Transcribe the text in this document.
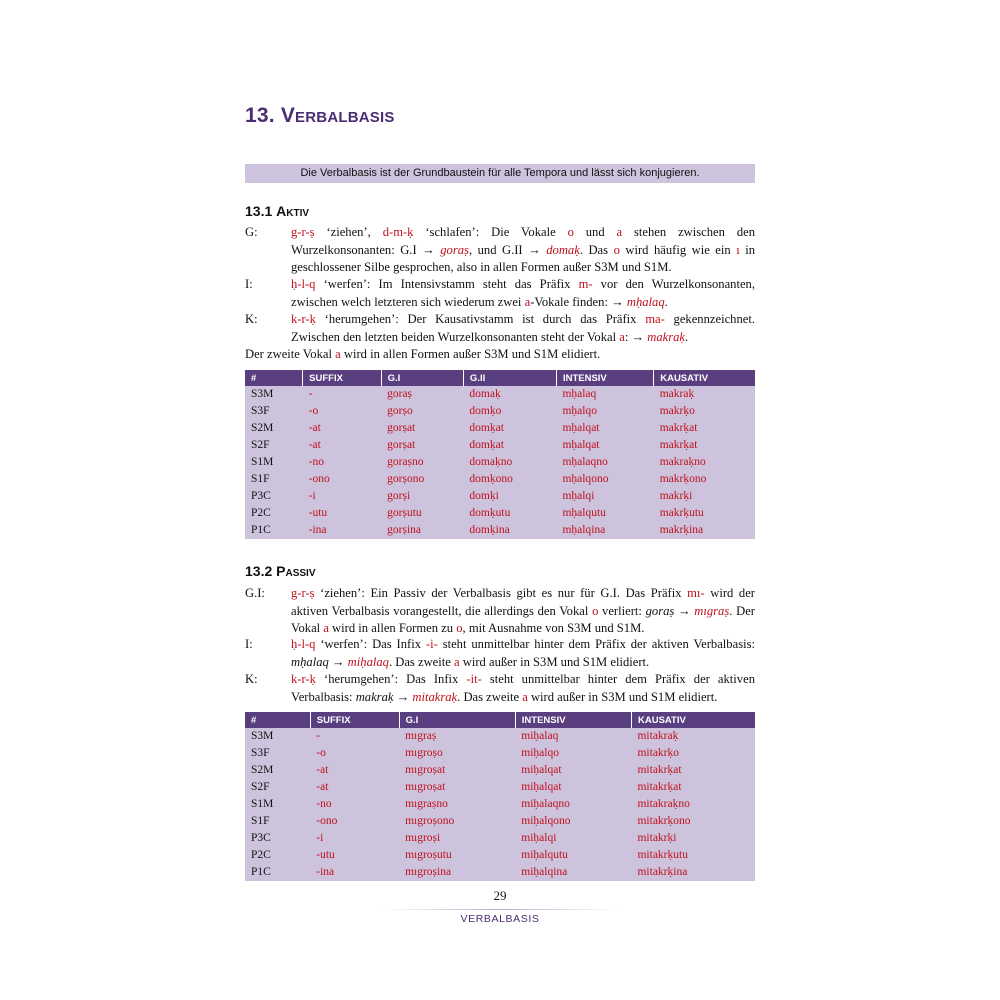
13. Verbalbasis
Die Verbalbasis ist der Grundbaustein für alle Tempora und lässt sich konjugieren.
13.1 Aktiv
G:	g-r-ṣ ‘ziehen’, d-m-ḳ ‘schlafen’: Die Vokale o und a stehen zwischen den Wurzelkonsonanten: G.I → goraṣ, und G.II → domaḳ. Das o wird häufig wie ein ı in geschlossener Silbe gesprochen, also in allen Formen außer S3M und S1M.
I:	ḥ-l-q ‘werfen’: Im Intensivstamm steht das Präfix m- vor den Wurzelkonsonanten, zwischen welch letzteren sich wiederum zwei a-Vokale finden: → mḥalaq.
K:	k-r-ḳ ‘herumgehen’: Der Kausativstamm ist durch das Präfix ma- gekennzeichnet. Zwischen den letzten beiden Wurzelkonsonanten steht der Vokal a: → makraḳ.
Der zweite Vokal a wird in allen Formen außer S3M und S1M elidiert.
#	SUFFIX	G.I	G.II	INTENSIV	KAUSATIV
S3M	-	goraṣ	domaḳ	mḥalaq	makraḳ
S3F	-o	gorṣo	domḳo	mḥalqo	makrḳo
S2M	-at	gorṣat	domḳat	mḥalqat	makrḳat
S2F	-at	gorṣat	domḳat	mḥalqat	makrḳat
S1M	-no	goraṣno	domaḳno	mḥalaqno	makraḳno
S1F	-ono	gorṣono	domḳono	mḥalqono	makrḳono
P3C	-i	gorṣi	domḳi	mḥalqi	makrḳi
P2C	-utu	gorṣutu	domḳutu	mḥalqutu	makrḳutu
P1C	-ina	gorṣina	domḳina	mḥalqina	makrḳina
13.2 Passiv
G.I: g-r-ṣ ‘ziehen’: Ein Passiv der Verbalbasis gibt es nur für G.I. Das Präfix mı- wird der aktiven Verbalbasis vorangestellt, die allerdings den Vokal o verliert: goraṣ → mıgraṣ. Der Vokal a wird in allen Formen zu o, mit Ausnahme von S3M und S1M.
I:	ḥ-l-q ‘werfen’: Das Infix -i- steht unmittelbar hinter dem Präfix der aktiven Verbalbasis: mḥalaq → miḥalaq. Das zweite a wird außer in S3M und S1M elidiert.
K:	k-r-ḳ ‘herumgehen’: Das Infix -it- steht unmittelbar hinter dem Präfix der aktiven Verbalbasis: makraḳ → mitakraḳ. Das zweite a wird außer in S3M und S1M elidiert.
#	SUFFIX	G.I	INTENSIV	KAUSATIV
S3M	-	mıgraṣ	miḥalaq	mitakraḳ
S3F	-o	mıgroṣo	miḥalqo	mitakrḳo
S2M	-at	mıgroṣat	miḥalqat	mitakrḳat
S2F	-at	mıgroṣat	miḥalqat	mitakrḳat
S1M	-no	mıgraṣno	miḥalaqno	mitakraḳno
S1F	-ono	mıgroṣono	miḥalqono	mitakrḳono
P3C	-i	mıgroṣi	miḥalqi	mitakrḳi
P2C	-utu	mıgroṣutu	miḥalqutu	mitakrḳutu
P1C	-ina	mıgroṣina	miḥalqina	mitakrḳina
29
VERBALBASIS
